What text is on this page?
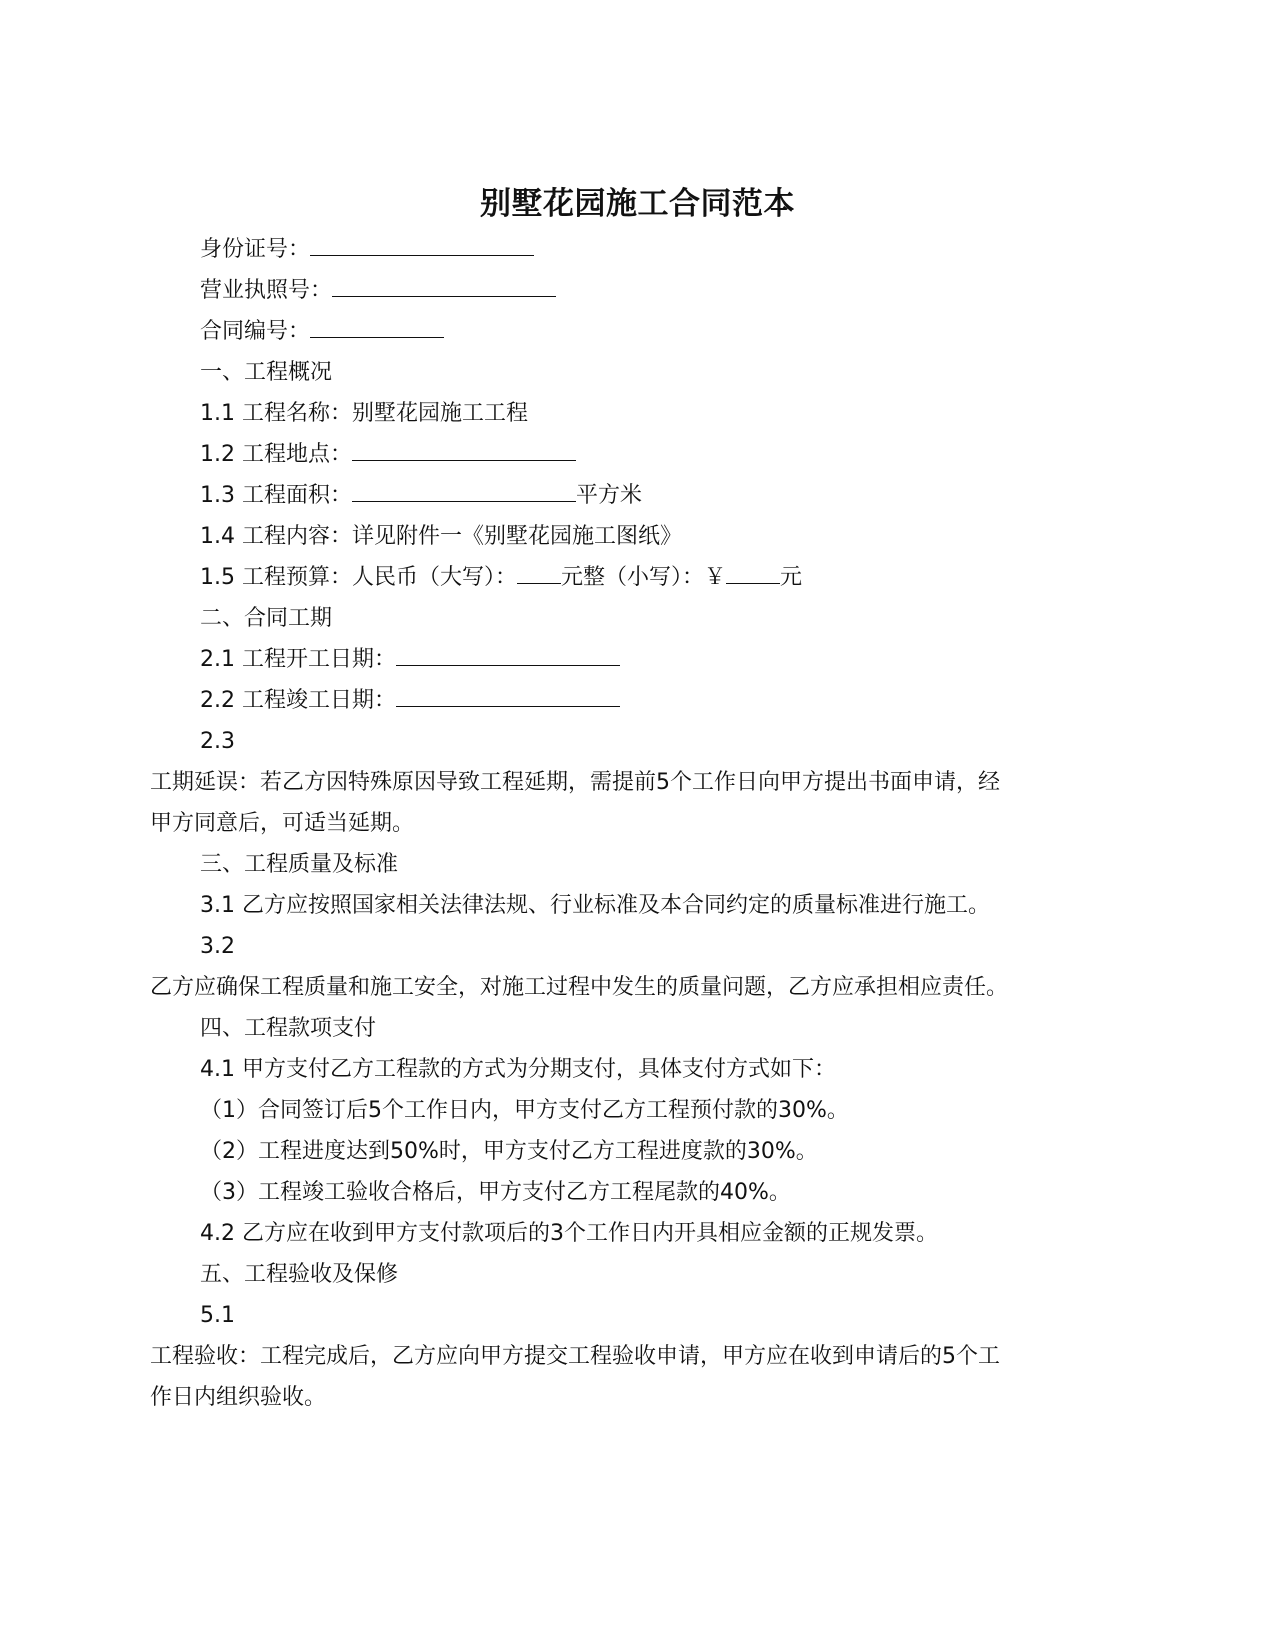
别墅花园施工合同范本
身份证号：
营业执照号：
合同编号：
一、工程概况
1.1 工程名称：别墅花园施工工程
1.2 工程地点：
1.3 工程面积：	平方米
1.4 工程内容：详见附件一《别墅花园施工图纸》
1.5 工程预算：人民币（大写）： 元整（小写）：￥ 元
二、合同工期
2.1 工程开工日期：
2.2 工程竣工日期：
2.3
工期延误：若乙方因特殊原因导致工程延期，需提前5个工作日向甲方提出书面申请，经
甲方同意后，可适当延期。
三、工程质量及标准
3.1 乙方应按照国家相关法律法规、行业标准及本合同约定的质量标准进行施工。
3.2
乙方应确保工程质量和施工安全，对施工过程中发生的质量问题，乙方应承担相应责任。
四、工程款项支付
4.1 甲方支付乙方工程款的方式为分期支付，具体支付方式如下：
（1）合同签订后5个工作日内，甲方支付乙方工程预付款的30%。
（2）工程进度达到50%时，甲方支付乙方工程进度款的30%。
（3）工程竣工验收合格后，甲方支付乙方工程尾款的40%。
4.2 乙方应在收到甲方支付款项后的3个工作日内开具相应金额的正规发票。
五、工程验收及保修
5.1
工程验收：工程完成后，乙方应向甲方提交工程验收申请，甲方应在收到申请后的5个工
作日内组织验收。
